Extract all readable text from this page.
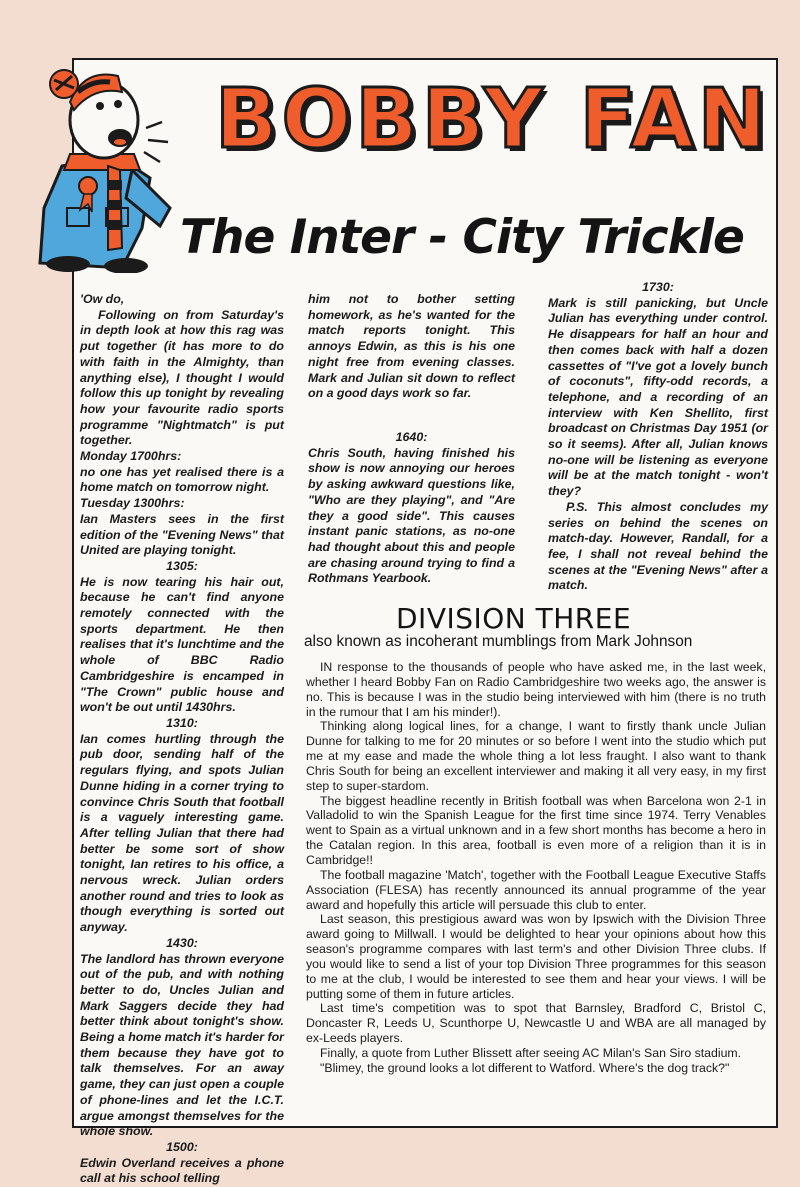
BOBBY FAN
The Inter - City Trickle

'Ow do,

Following on from Saturday's in depth look at how this rag was put together (it has more to do with faith in the Almighty, than anything else), I thought I would follow this up tonight by revealing how your favourite radio sports programme "Nightmatch" is put together.

Monday 1700hrs:

no one has yet realised there is a home match on tomorrow night.

Tuesday 1300hrs:

Ian Masters sees in the first edition of the "Evening News" that United are playing tonight.

1305:

He is now tearing his hair out, because he can't find anyone remotely connected with the sports department. He then realises that it's lunchtime and the whole of BBC Radio Cambridgeshire is encamped in "The Crown" public house and won't be out until 1430hrs.

1310:

Ian comes hurtling through the pub door, sending half of the regulars flying, and spots Julian Dunne hiding in a corner trying to convince Chris South that football is a vaguely interesting game. After telling Julian that there had better be some sort of show tonight, Ian retires to his office, a nervous wreck. Julian orders another round and tries to look as though everything is sorted out anyway.

1430:

The landlord has thrown everyone out of the pub, and with nothing better to do, Uncles Julian and Mark Saggers decide they had better think about tonight's show. Being a home match it's harder for them because they have got to talk themselves. For an away game, they can just open a couple of phone-lines and let the I.C.T. argue amongst themselves for the whole show.

1500:

Edwin Overland receives a phone call at his school telling

him not to bother setting homework, as he's wanted for the match reports tonight. This annoys Edwin, as this is his one night free from evening classes. Mark and Julian sit down to reflect on a good days work so far.

1640:

Chris South, having finished his show is now annoying our heroes by asking awkward questions like, "Who are they playing", and "Are they a good side". This causes instant panic stations, as no-one had thought about this and people are chasing around trying to find a Rothmans Yearbook.

1730:

Mark is still panicking, but Uncle Julian has everything under control. He disappears for half an hour and then comes back with half a dozen cassettes of "I've got a lovely bunch of coconuts", fifty-odd records, a telephone, and a recording of an interview with Ken Shellito, first broadcast on Christmas Day 1951 (or so it seems). After all, Julian knows no-one will be listening as everyone will be at the match tonight - won't they?

P.S. This almost concludes my series on behind the scenes on match-day. However, Randall, for a fee, I shall not reveal behind the scenes at the "Evening News" after a match.

DIVISION THREE
also known as incoherant mumblings from Mark Johnson

IN response to the thousands of people who have asked me, in the last week, whether I heard Bobby Fan on Radio Cambridgeshire two weeks ago, the answer is no. This is because I was in the studio being interviewed with him (there is no truth in the rumour that I am his minder!).

Thinking along logical lines, for a change, I want to firstly thank uncle Julian Dunne for talking to me for 20 minutes or so before I went into the studio which put me at my ease and made the whole thing a lot less fraught. I also want to thank Chris South for being an excellent interviewer and making it all very easy, in my first step to super-stardom.

The biggest headline recently in British football was when Barcelona won 2-1 in Valladolid to win the Spanish League for the first time since 1974. Terry Venables went to Spain as a virtual unknown and in a few short months has become a hero in the Catalan region. In this area, football is even more of a religion than it is in Cambridge!!

The football magazine 'Match', together with the Football League Executive Staffs Association (FLESA) has recently announced its annual programme of the year award and hopefully this article will persuade this club to enter.

Last season, this prestigious award was won by Ipswich with the Division Three award going to Millwall. I would be delighted to hear your opinions about how this season's programme compares with last term's and other Division Three clubs. If you would like to send a list of your top Division Three programmes for this season to me at the club, I would be interested to see them and hear your views. I will be putting some of them in future articles.

Last time's competition was to spot that Barnsley, Bradford C, Bristol C, Doncaster R, Leeds U, Scunthorpe U, Newcastle U and WBA are all managed by ex-Leeds players.

Finally, a quote from Luther Blissett after seeing AC Milan's San Siro stadium.

"Blimey, the ground looks a lot different to Watford. Where's the dog track?"
